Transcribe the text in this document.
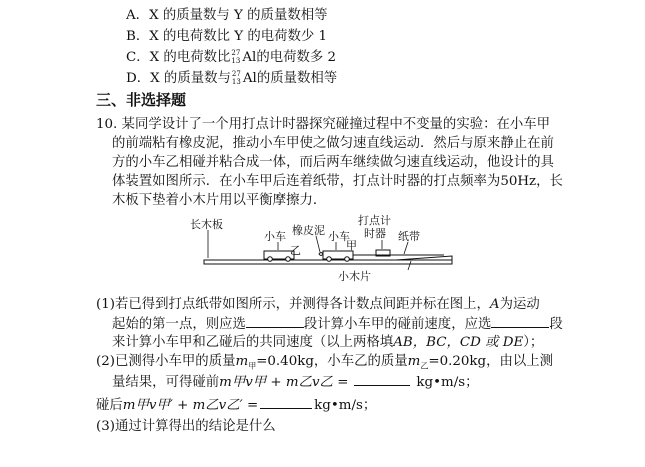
A．X 的质量数与 Y 的质量数相等
B．X 的电荷数比 Y 的电荷数少 1
C．X 的电荷数比 27
13 Al的电荷数多 2
D．X 的质量数与 27
13 Al的质量数相等
三、非选择题
10. 某同学设计了一个用打点计时器探究碰撞过程中不变量的实验：在小车甲
的前端粘有橡皮泥，推动小车甲使之做匀速直线运动．然后与原来静止在前
方的小车乙相碰并粘合成一体，而后两车继续做匀速直线运动，他设计的具
体装置如图所示．在小车甲后连着纸带，打点计时器的打点频率为50Hz，长
木板下垫着小木片用以平衡摩擦力．
长木板
小车
乙
橡皮泥 小车
甲
打点计
时器 纸带
小木片
(1)若已得到打点纸带如图所示，并测得各计数点间距并标在图上，A为运动
起始的第一点，则应选	段计算小车甲的碰前速度，应选	段
来计算小车甲和乙碰后的共同速度（以上两格填AB，BC，CD 或 DE）；
(2)已测得小车甲的质量$m_甲=0.40kg$，小车乙的质量$m_乙=0.20kg$，由以上测
量结果，可得碰前m甲v甲 + m乙v乙 =	kg•m/s；
碰后m甲v甲′ + m乙v乙′ =	kg•m/s；
(3)通过计算得出的结论是什么
